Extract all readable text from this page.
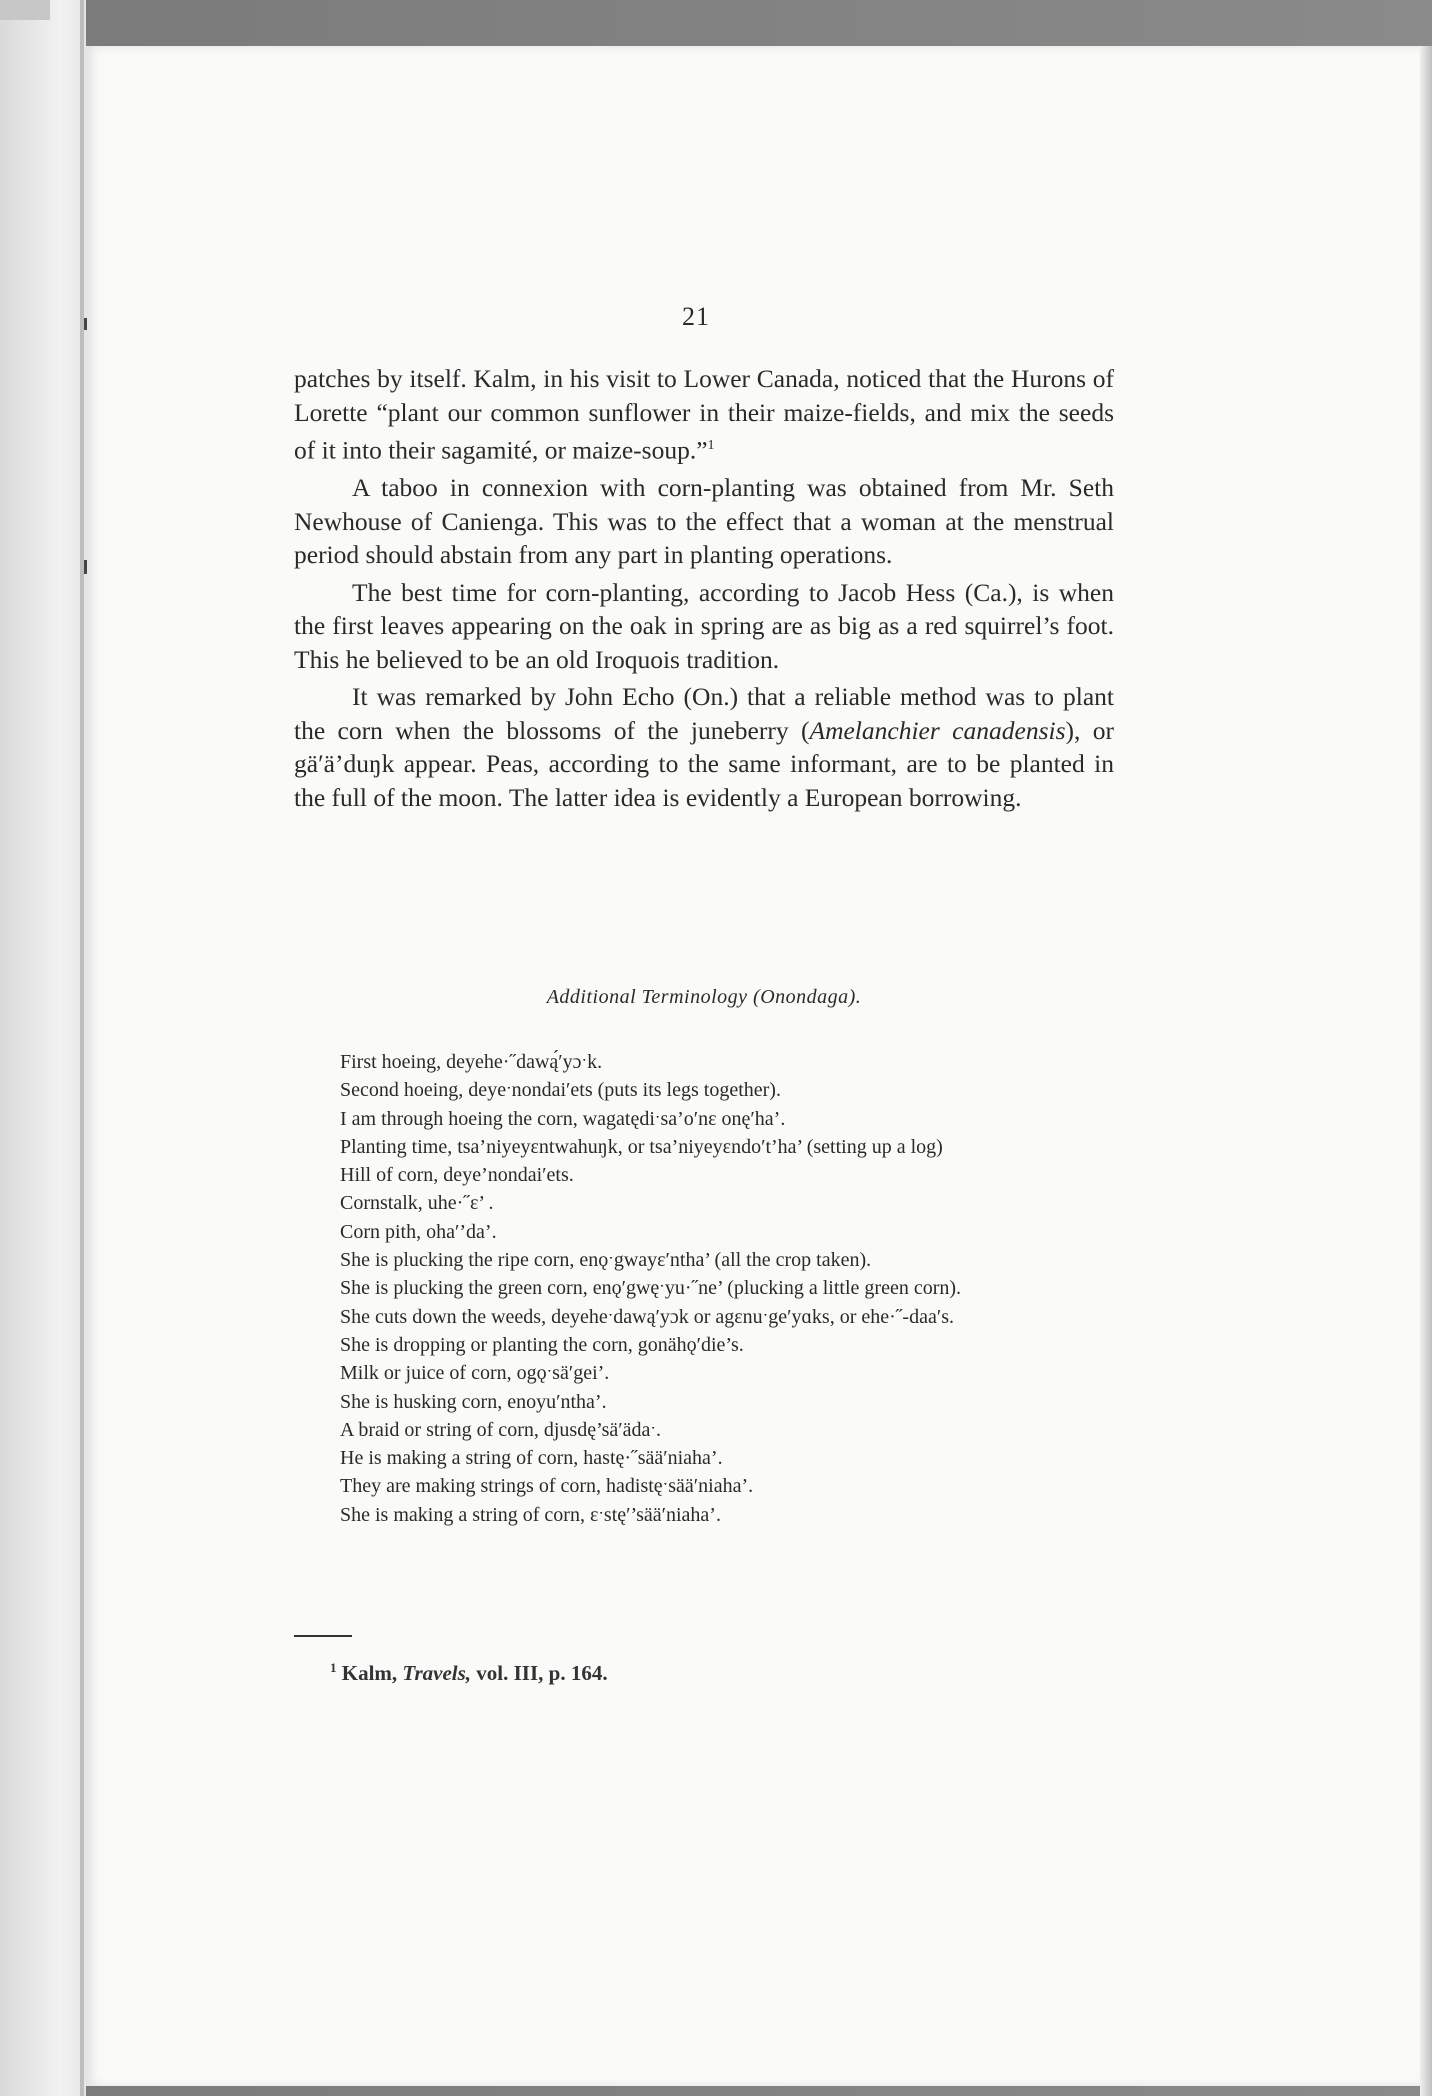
21

patches by itself. Kalm, in his visit to Lower Canada, noticed that the Hurons of Lorette “plant our common sunflower in their maize-fields, and mix the seeds of it into their sagamité, or maize-soup.”$^1$

A taboo in connexion with corn-planting was obtained from Mr. Seth Newhouse of Canienga. This was to the effect that a woman at the menstrual period should abstain from any part in planting operations.

The best time for corn-planting, according to Jacob Hess (Ca.), is when the first leaves appearing on the oak in spring are as big as a red squirrel’s foot. This he believed to be an old Iroquois tradition.

It was remarked by John Echo (On.) that a reliable method was to plant the corn when the blossoms of the juneberry (Amelanchier canadensis), or gä′ä’duŋk appear. Peas, according to the same informant, are to be planted in the full of the moon. The latter idea is evidently a European borrowing.

Additional Terminology (Onondaga).
First hoeing, deyehe·˝dawą́′yɔˑk.
Second hoeing, deyeˑnondai′ets (puts its legs together).
I am through hoeing the corn, wagatędiˑsa’o′nɛ onę′ha’.
Planting time, tsa’niyeyɛntwahuŋk, or tsa’niyeyɛndo′t’ha’ (setting up a log)
Hill of corn, deye’nondai′ets.
Cornstalk, uhe·˝ɛ’ .
Corn pith, oha′’da’.
She is plucking the ripe corn, enǫˑgwayɛ′ntha’ (all the crop taken).
She is plucking the green corn, enǫ′gwęˑyu·˝ne’ (plucking a little green corn).
She cuts down the weeds, deyeheˑdawą′yɔk or agɛnuˑge′yɑks, or ehe·˝-daa′s.
She is dropping or planting the corn, gonähǫ′die’s.
Milk or juice of corn, ogǫˑsä′gei’.
She is husking corn, enoyu′ntha’.
A braid or string of corn, djusdę’sä′ädaˑ.
He is making a string of corn, hastę·˝sää′niaha’.
They are making strings of corn, hadistęˑsää′niaha’.
She is making a string of corn, ɛˑstę′’sää′niaha’.
$^1$ Kalm, Travels, vol. III, p. 164.
